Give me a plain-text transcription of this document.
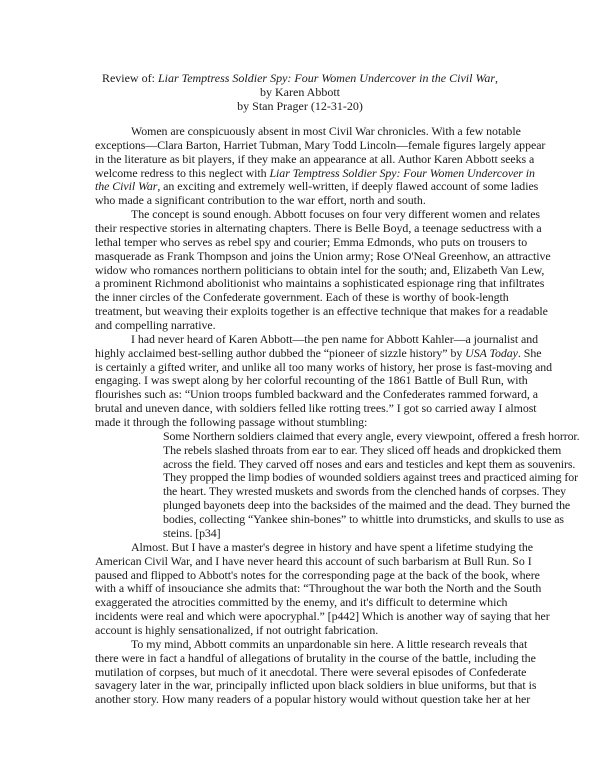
Review of: Liar Temptress Soldier Spy: Four Women Undercover in the Civil War,
by Karen Abbott
by Stan Prager (12-31-20)
Women are conspicuously absent in most Civil War chronicles. With a few notable
exceptions—Clara Barton, Harriet Tubman, Mary Todd Lincoln—female figures largely appear
in the literature as bit players, if they make an appearance at all. Author Karen Abbott seeks a
welcome redress to this neglect with Liar Temptress Soldier Spy: Four Women Undercover in
the Civil War, an exciting and extremely well-written, if deeply flawed account of some ladies
who made a significant contribution to the war effort, north and south.
The concept is sound enough. Abbott focuses on four very different women and relates
their respective stories in alternating chapters. There is Belle Boyd, a teenage seductress with a
lethal temper who serves as rebel spy and courier; Emma Edmonds, who puts on trousers to
masquerade as Frank Thompson and joins the Union army; Rose O'Neal Greenhow, an attractive
widow who romances northern politicians to obtain intel for the south; and, Elizabeth Van Lew,
a prominent Richmond abolitionist who maintains a sophisticated espionage ring that infiltrates
the inner circles of the Confederate government. Each of these is worthy of book-length
treatment, but weaving their exploits together is an effective technique that makes for a readable
and compelling narrative.
I had never heard of Karen Abbott—the pen name for Abbott Kahler—a journalist and
highly acclaimed best-selling author dubbed the “pioneer of sizzle history” by USA Today. She
is certainly a gifted writer, and unlike all too many works of history, her prose is fast-moving and
engaging. I was swept along by her colorful recounting of the 1861 Battle of Bull Run, with
flourishes such as: “Union troops fumbled backward and the Confederates rammed forward, a
brutal and uneven dance, with soldiers felled like rotting trees.” I got so carried away I almost
made it through the following passage without stumbling:
Some Northern soldiers claimed that every angle, every viewpoint, offered a fresh horror.
The rebels slashed throats from ear to ear. They sliced off heads and dropkicked them
across the field. They carved off noses and ears and testicles and kept them as souvenirs.
They propped the limp bodies of wounded soldiers against trees and practiced aiming for
the heart. They wrested muskets and swords from the clenched hands of corpses. They
plunged bayonets deep into the backsides of the maimed and the dead. They burned the
bodies, collecting “Yankee shin-bones” to whittle into drumsticks, and skulls to use as
steins. [p34]
Almost. But I have a master's degree in history and have spent a lifetime studying the
American Civil War, and I have never heard this account of such barbarism at Bull Run. So I
paused and flipped to Abbott's notes for the corresponding page at the back of the book, where
with a whiff of insouciance she admits that: “Throughout the war both the North and the South
exaggerated the atrocities committed by the enemy, and it's difficult to determine which
incidents were real and which were apocryphal.” [p442] Which is another way of saying that her
account is highly sensationalized, if not outright fabrication.
To my mind, Abbott commits an unpardonable sin here. A little research reveals that
there were in fact a handful of allegations of brutality in the course of the battle, including the
mutilation of corpses, but much of it anecdotal. There were several episodes of Confederate
savagery later in the war, principally inflicted upon black soldiers in blue uniforms, but that is
another story. How many readers of a popular history would without question take her at her
